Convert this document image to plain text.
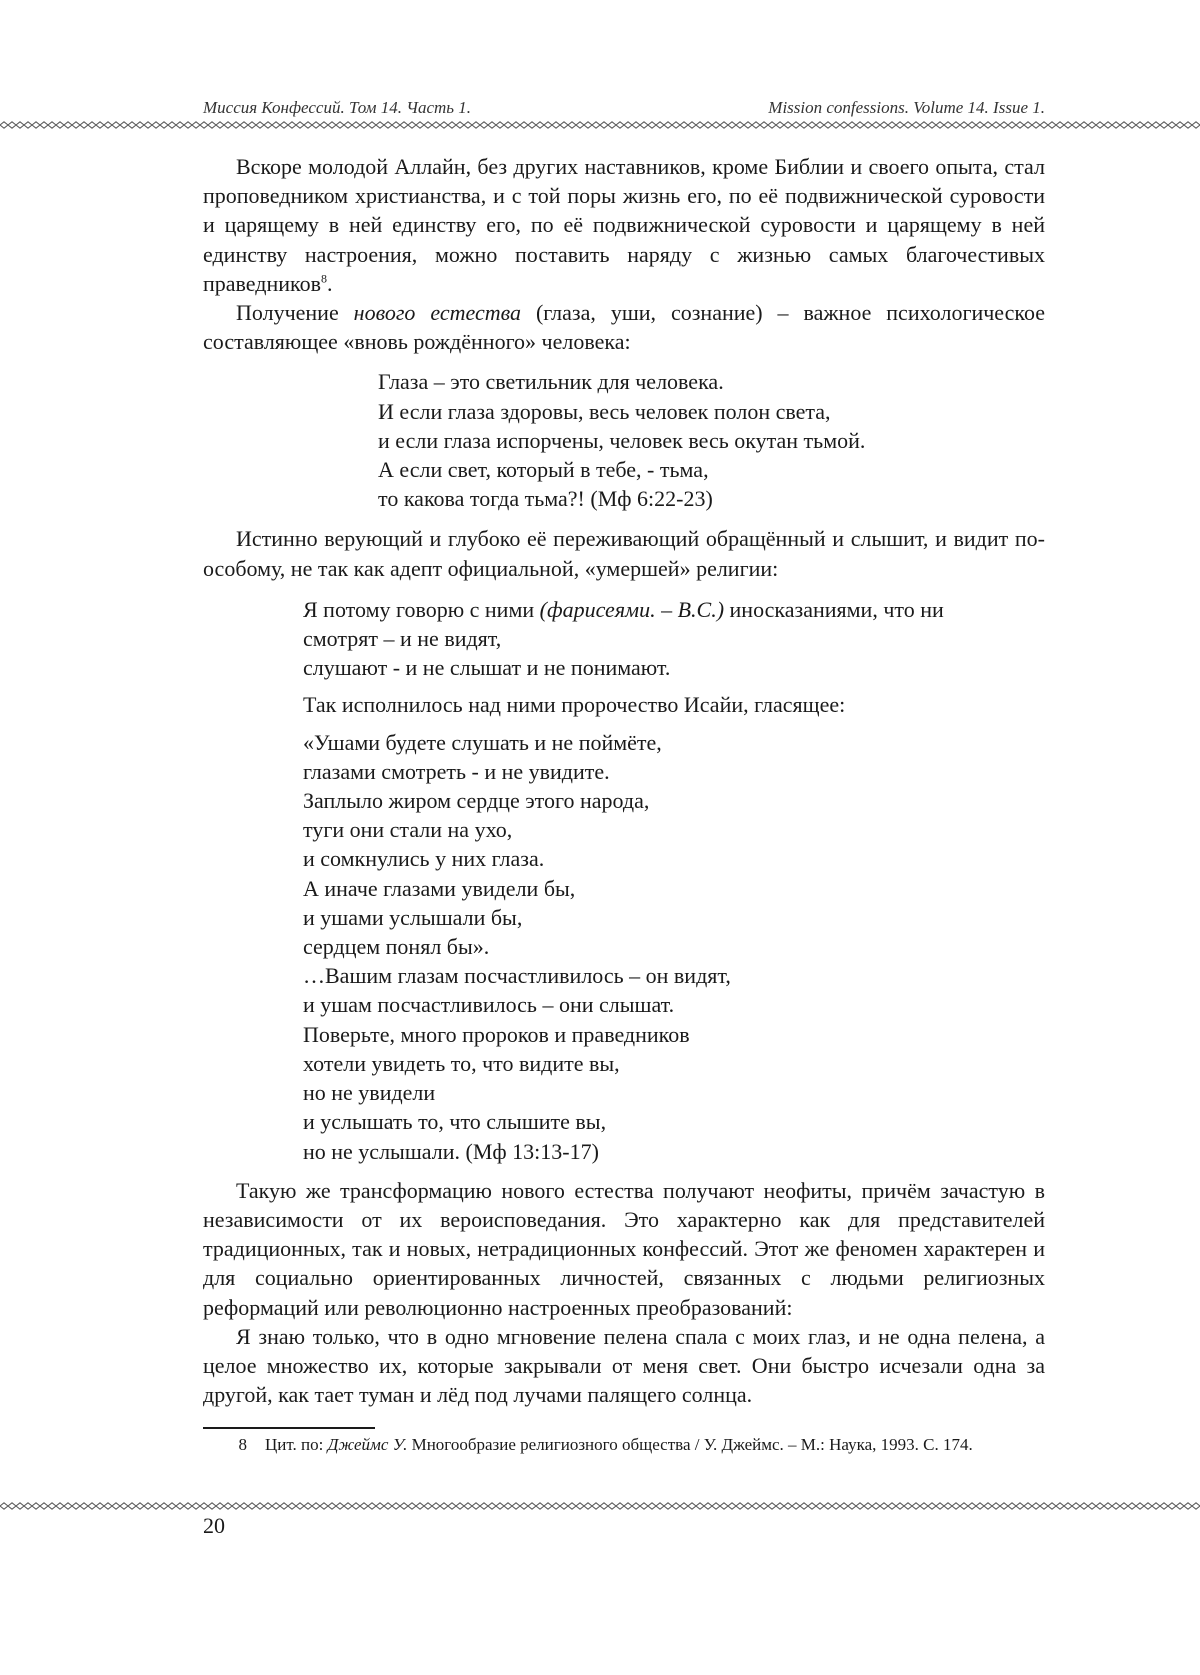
Миссия Конфессий. Том 14. Часть 1.	Mission confessions. Volume 14. Issue 1.

Вскоре молодой Аллайн, без других наставников, кроме Библии и своего опыта, стал проповедником христианства, и с той поры жизнь его, по её подвижнической суровости и царящему в ней единству его, по её подвижнической суровости и царящему в ней единству настроения, можно поставить наряду с жизнью самых благочестивых праведников$^8$.

Получение нового естества (глаза, уши, сознание) – важное психологическое составляющее «вновь рождённого» человека:

Глаза – это светильник для человека.
И если глаза здоровы, весь человек полон света,
и если глаза испорчены, человек весь окутан тьмой.
А если свет, который в тебе, - тьма,
то какова тогда тьма?! (Мф 6:22-23)

Истинно верующий и глубоко её переживающий обращённый и слышит, и видит по-особому, не так как адепт официальной, «умершей» религии:

Я потому говорю с ними (фарисеями. – В.С.) иносказаниями, что ни
смотрят – и не видят,
слушают - и не слышат и не понимают.
Так исполнилось над ними пророчество Исайи, гласящее:
«Ушами будете слушать и не поймёте,
глазами смотреть - и не увидите.
Заплыло жиром сердце этого народа,
туги они стали на ухо,
и сомкнулись у них глаза.
А иначе глазами увидели бы,
и ушами услышали бы,
сердцем понял бы».
…Вашим глазам посчастливилось – он видят,
и ушам посчастливилось – они слышат.
Поверьте, много пророков и праведников
хотели увидеть то, что видите вы,
но не увидели
и услышать то, что слышите вы,
но не услышали. (Мф 13:13-17)

Такую же трансформацию нового естества получают неофиты, причём зачастую в независимости от их вероисповедания. Это характерно как для представителей традиционных, так и новых, нетрадиционных конфессий. Этот же феномен характерен и для социально ориентированных личностей, связанных с людьми религиозных реформаций или революционно настроенных преобразований:

Я знаю только, что в одно мгновение пелена спала с моих глаз, и не одна пелена, а целое множество их, которые закрывали от меня свет. Они быстро исчезали одна за другой, как тает туман и лёд под лучами палящего солнца.

8 Цит. по: Джеймс У. Многообразие религиозного общества / У. Джеймс. – М.: Наука, 1993. С. 174.
20
